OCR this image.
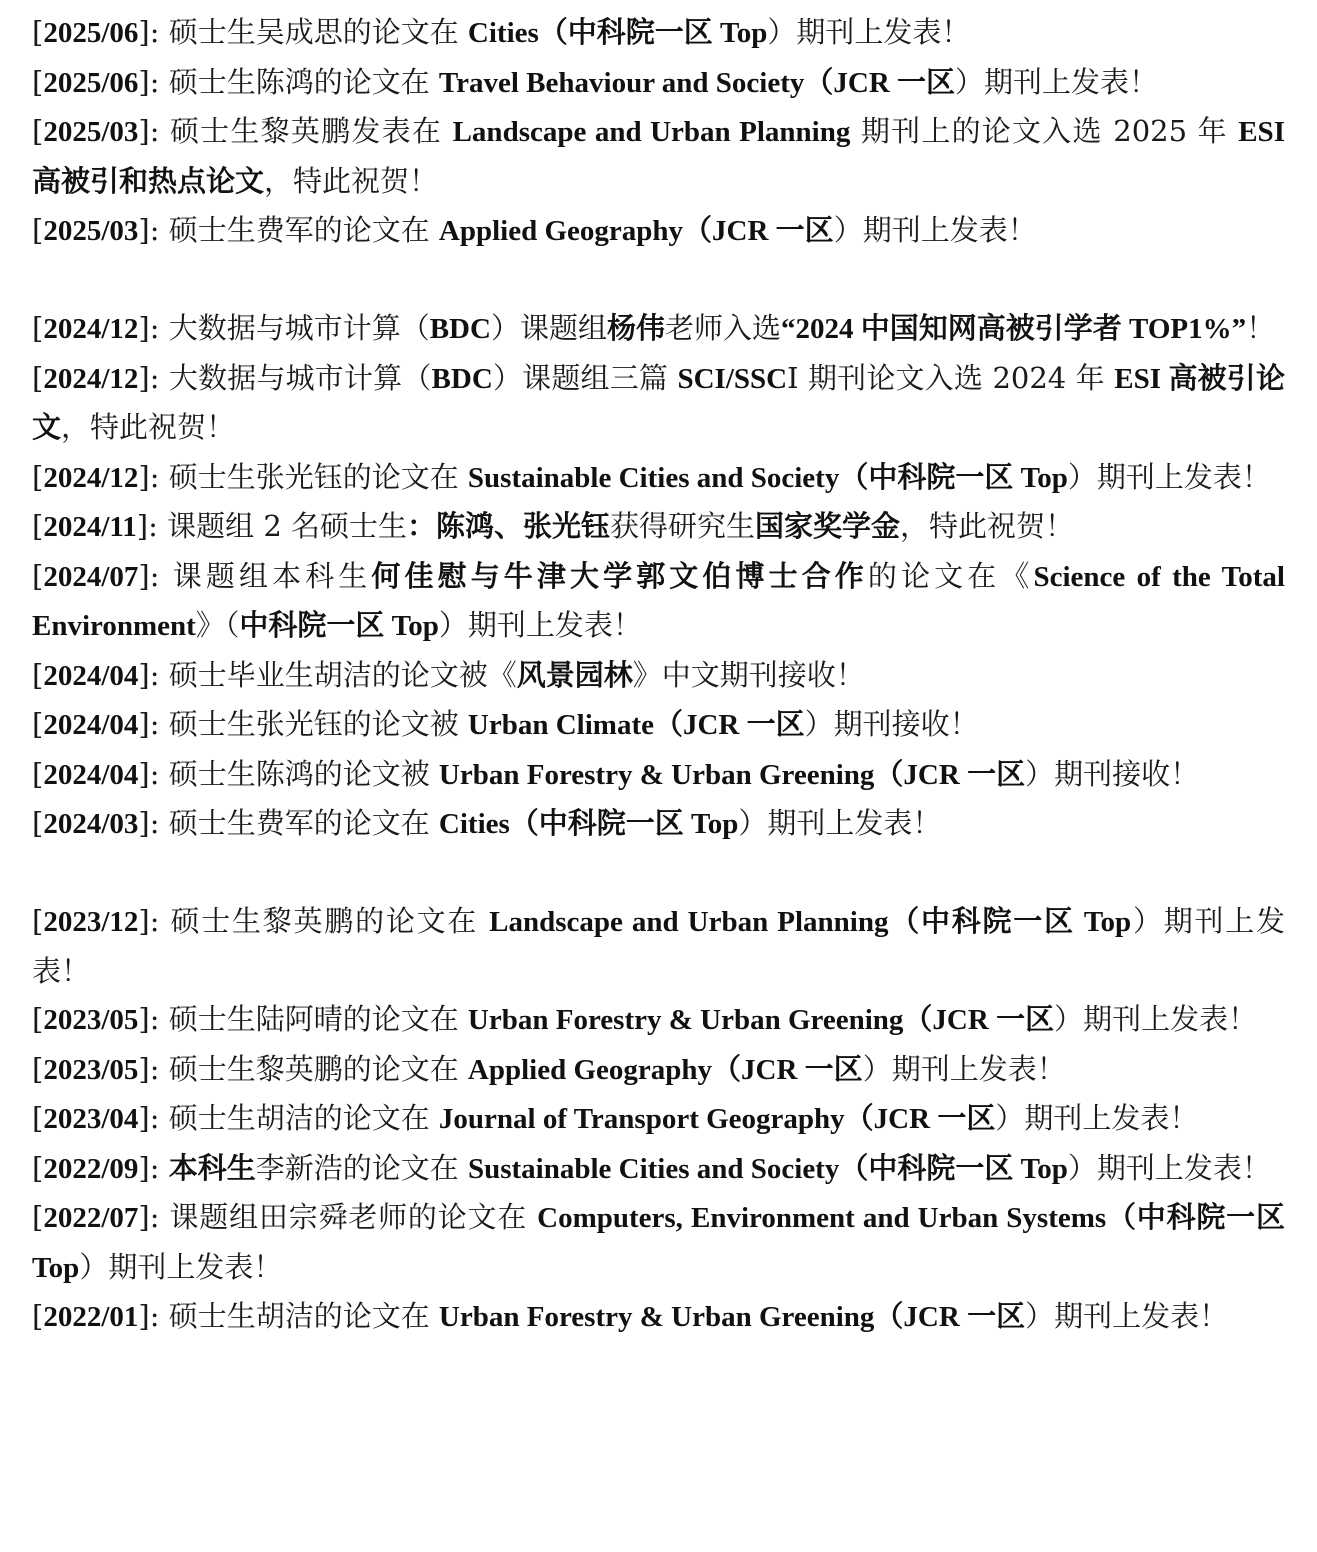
[2025/06]: 硕士生吴成思的论文在 Cities（中科院一区 Top）期刊上发表！

[2025/06]: 硕士生陈鸿的论文在 Travel Behaviour and Society（JCR 一区）期刊上发表！

[2025/03]: 硕士生黎英鹏发表在 Landscape and Urban Planning 期刊上的论文入选 2025 年 ESI 高被引和热点论文，特此祝贺！

[2025/03]: 硕士生费军的论文在 Applied Geography（JCR 一区）期刊上发表！

[2024/12]: 大数据与城市计算（BDC）课题组杨伟老师入选“2024 中国知网高被引学者 TOP1%”！

[2024/12]: 大数据与城市计算（BDC）课题组三篇 SCI/SSCI 期刊论文入选 2024 年 ESI 高被引论文，特此祝贺！

[2024/12]: 硕士生张光钰的论文在 Sustainable Cities and Society（中科院一区 Top）期刊上发表！

[2024/11]: 课题组 2 名硕士生：陈鸿、张光钰获得研究生国家奖学金，特此祝贺！

[2024/07]: 课题组本科生何佳慰与牛津大学郭文伯博士合作的论文在《Science of the Total Environment》（中科院一区 Top）期刊上发表！

[2024/04]: 硕士毕业生胡洁的论文被《风景园林》中文期刊接收！

[2024/04]: 硕士生张光钰的论文被 Urban Climate（JCR 一区）期刊接收！

[2024/04]: 硕士生陈鸿的论文被 Urban Forestry & Urban Greening（JCR 一区）期刊接收！

[2024/03]: 硕士生费军的论文在 Cities（中科院一区 Top）期刊上发表！

[2023/12]: 硕士生黎英鹏的论文在 Landscape and Urban Planning（中科院一区 Top）期刊上发表！

[2023/05]: 硕士生陆阿晴的论文在 Urban Forestry & Urban Greening（JCR 一区）期刊上发表！

[2023/05]: 硕士生黎英鹏的论文在 Applied Geography（JCR 一区）期刊上发表！

[2023/04]: 硕士生胡洁的论文在 Journal of Transport Geography（JCR 一区）期刊上发表！

[2022/09]: 本科生李新浩的论文在 Sustainable Cities and Society（中科院一区 Top）期刊上发表！

[2022/07]: 课题组田宗舜老师的论文在 Computers, Environment and Urban Systems（中科院一区 Top）期刊上发表！

[2022/01]: 硕士生胡洁的论文在 Urban Forestry & Urban Greening（JCR 一区）期刊上发表！
